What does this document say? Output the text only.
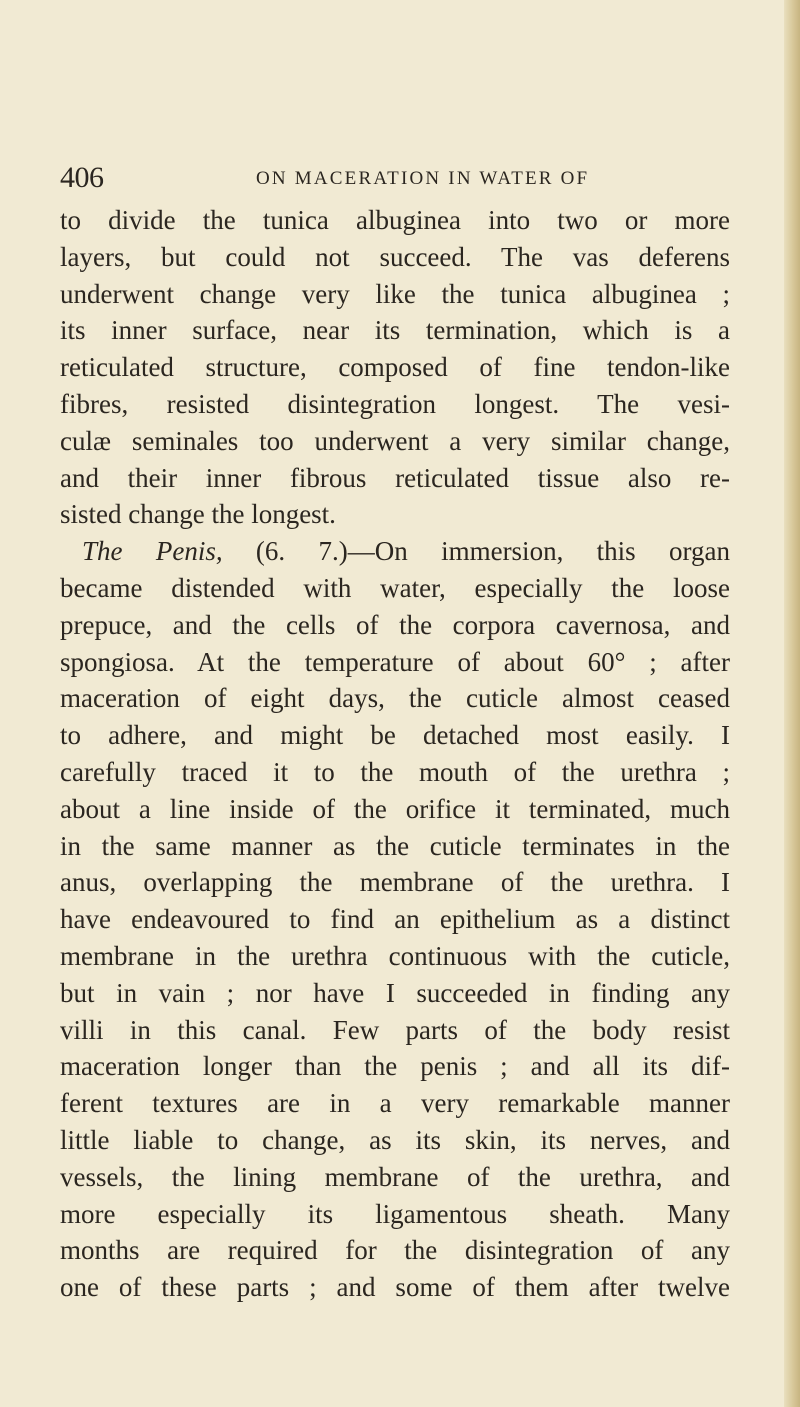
406	ON MACERATION IN WATER OF
to divide the tunica albuginea into two or more
layers, but could not succeed. The vas deferens
underwent change very like the tunica albuginea ;
its inner surface, near its termination, which is a
reticulated structure, composed of fine tendon-like
fibres, resisted disintegration longest. The vesi-
culæ seminales too underwent a very similar change,
and their inner fibrous reticulated tissue also re-
sisted change the longest.
The Penis, (6. 7.)—On immersion, this organ
became distended with water, especially the loose
prepuce, and the cells of the corpora cavernosa, and
spongiosa. At the temperature of about 60° ; after
maceration of eight days, the cuticle almost ceased
to adhere, and might be detached most easily. I
carefully traced it to the mouth of the urethra ;
about a line inside of the orifice it terminated, much
in the same manner as the cuticle terminates in the
anus, overlapping the membrane of the urethra. I
have endeavoured to find an epithelium as a distinct
membrane in the urethra continuous with the cuticle,
but in vain ; nor have I succeeded in finding any
villi in this canal. Few parts of the body resist
maceration longer than the penis ; and all its dif-
ferent textures are in a very remarkable manner
little liable to change, as its skin, its nerves, and
vessels, the lining membrane of the urethra, and
more especially its ligamentous sheath. Many
months are required for the disintegration of any
one of these parts ; and some of them after twelve
